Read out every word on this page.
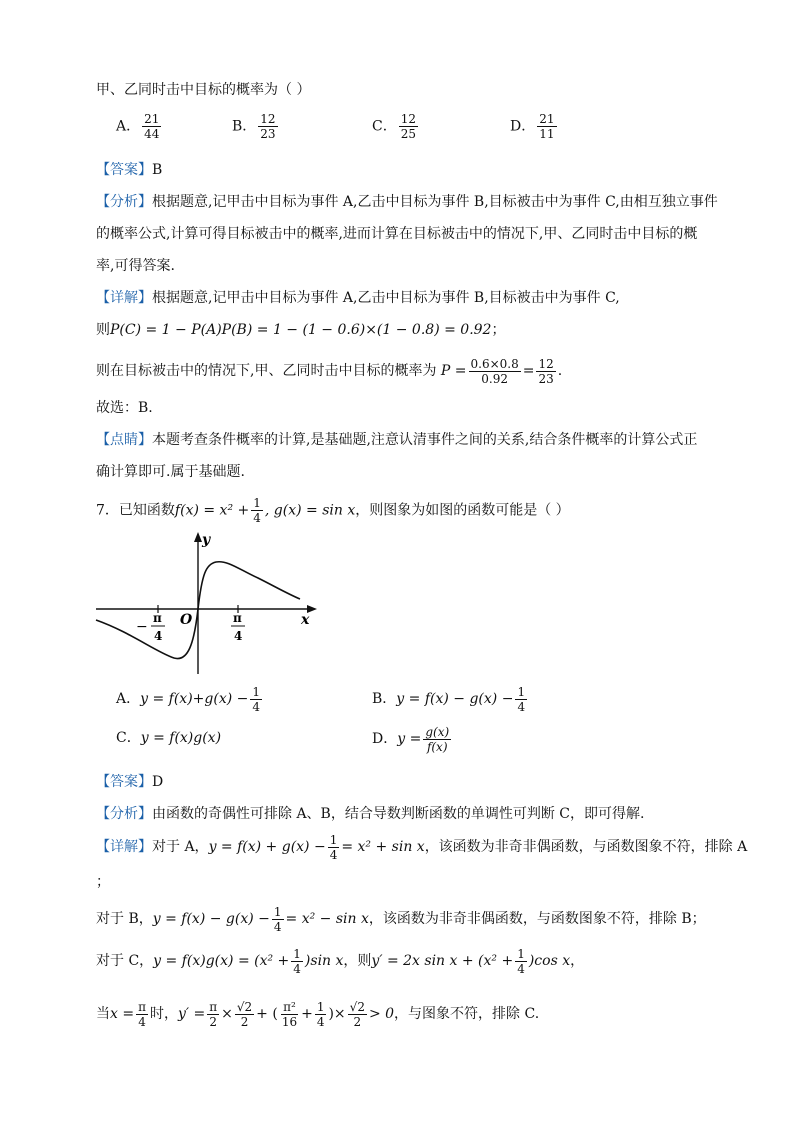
甲、乙同时击中目标的概率为（ ）
A． $\frac{21}{44}$	B． $\frac{12}{23}$	C． $\frac{12}{25}$	D． $\frac{21}{11}$
【答案】B
【分析】根据题意,记甲击中目标为事件 A,乙击中目标为事件 B,目标被击中为事件 C,由相互独立事件
的概率公式,计算可得目标被击中的概率,进而计算在目标被击中的情况下,甲、乙同时击中目标的概
率,可得答案.
【详解】根据题意,记甲击中目标为事件 A,乙击中目标为事件 B,目标被击中为事件 C,
则P(C) = 1 − P(A)P(B) = 1 − (1 − 0.6)×(1 − 0.8) = 0.92；
则在目标被击中的情况下,甲、乙同时击中目标的概率为 $P = \frac{0.6\times 0.8}{0.92} = \frac{12}{23}$ .
故选：B.
【点睛】本题考查条件概率的计算,是基础题,注意认清事件之间的关系,结合条件概率的计算公式正
确计算即可.属于基础题.
7．已知函数$f(x) = x^2 + \frac{1}{4}$ , g(x) = sin x，则图象为如图的函数可能是（ ）
y
x
O
−
π
4
π
4
A．$y = f(x)+g(x) - \frac{1}{4}$	B．$y = f(x) - g(x) - \frac{1}{4}$
C．y = f(x)g(x)	D．$y = \frac{g(x)}{f(x)}$
【答案】D
【分析】由函数的奇偶性可排除 A、B，结合导数判断函数的单调性可判断 C，即可得解.
【详解】对于 A，$y = f(x) + g(x) - \frac{1}{4} = x^2 + \sin x$，该函数为非奇非偶函数，与函数图象不符，排除 A
；
对于 B，$y = f(x) - g(x) - \frac{1}{4} = x^2 - \sin x$，该函数为非奇非偶函数，与函数图象不符，排除 B；
对于 C，$y = f(x)g(x) = (x^2 + \frac{1}{4} )\sin$ x，则y′ = 2x $\sin x + (x^2 + \frac{1}{4} )\cos$ x，
当$x = \frac{\pi}{4}$ 时，$y' = \frac{\pi}{2} \times \frac{√2}{2}$ + ( $\frac{\text{π²}}{16} + \frac{1}{4}$ )× $\frac{√2}{2} > 0$，与图象不符，排除 C.
